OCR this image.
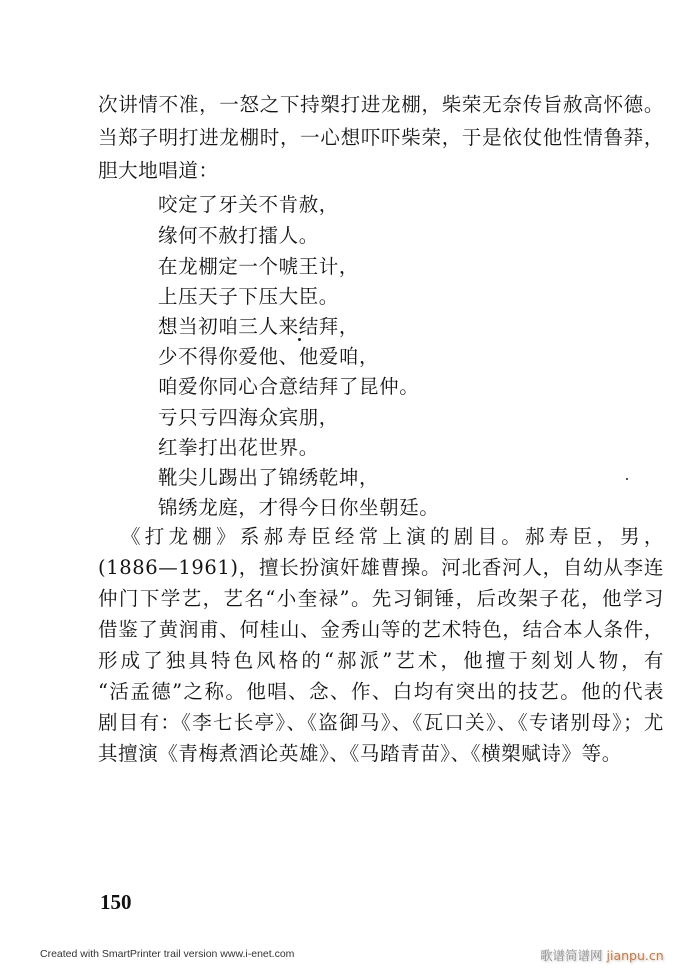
次讲情不准，一怒之下持槊打进龙棚，柴荣无奈传旨赦高怀德。
当郑子明打进龙棚时，一心想吓吓柴荣，于是依仗他性情鲁莽，
胆大地唱道：
咬定了牙关不肯赦，
缘何不赦打擂人。
在龙棚定一个唬王计，
上压天子下压大臣。
想当初咱三人来结拜，
少不得你爱他、他爱咱，
咱爱你同心合意结拜了昆仲。
亏只亏四海众宾朋，
红拳打出花世界。
靴尖儿踢出了锦绣乾坤，
锦绣龙庭，才得今日你坐朝廷。
《打龙棚》系郝寿臣经常上演的剧目。郝寿臣，男，
(1886—1961)，擅长扮演奸雄曹操。河北香河人，自幼从李连
仲门下学艺，艺名“小奎禄”。先习铜锤，后改架子花，他学习
借鉴了黄润甫、何桂山、金秀山等的艺术特色，结合本人条件，
形成了独具特色风格的“郝派”艺术，他擅于刻划人物，有
“活孟德”之称。他唱、念、作、白均有突出的技艺。他的代表
剧目有：《李七长亭》、《盗御马》、《瓦口关》、《专诸别母》；尤
其擅演《青梅煮酒论英雄》、《马踏青苗》、《横槊赋诗》等。
150
Created with SmartPrinter trail version www.i-enet.com	歌谱简谱网 jianpu.cn
